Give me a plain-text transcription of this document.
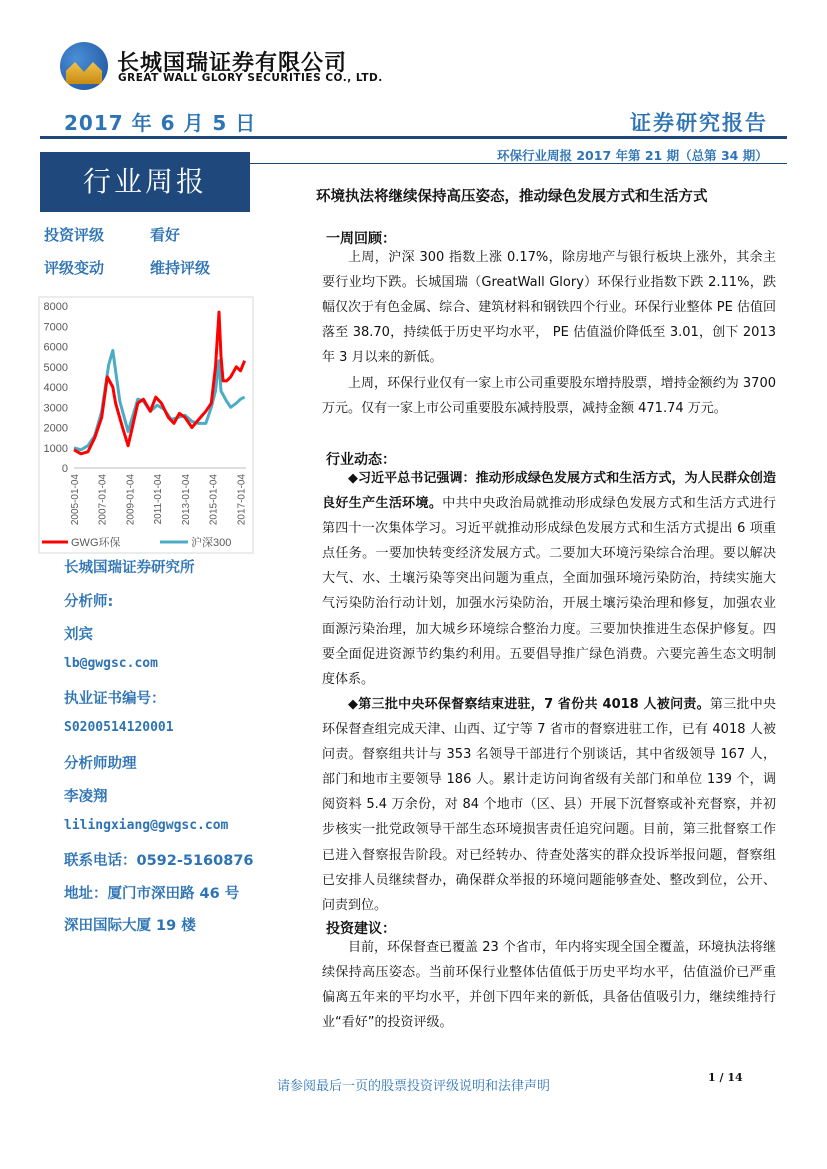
长城国瑞证券有限公司
GREAT WALL GLORY SECURITIES CO., LTD.
2017 年 6 月 5 日	证券研究报告
环保行业周报 2017 年第 21 期（总第 34 期）
行业周报	环境执法将继续保持高压姿态，推动绿色发展方式和生活方式
投资评级	看好
评级变动	维持评级
0
1000
2000
3000
4000
5000
6000
7000
8000
2005-01-04 2007-01-04 2009-01-04 2011-01-04 2013-01-04 2015-01-04 2017-01-04
GWG环保	沪深300
长城国瑞证券研究所
分析师:
刘宾
lb@gwgsc.com
执业证书编号：
S0200514120001
分析师助理
李凌翔
lilingxiang@gwgsc.com
联系电话：0592-5160876
地址：厦门市深田路 46 号
深田国际大厦 19 楼
一周回顾：
上周，沪深 300 指数上涨 0.17%，除房地产与银行板块上涨外，其余主要行业均下跌。长城国瑞（GreatWall Glory）环保行业指数下跌 2.11%，跌幅仅次于有色金属、综合、建筑材料和钢铁四个行业。环保行业整体 PE 估值回落至 38.70，持续低于历史平均水平， PE 估值溢价降低至 3.01，创下 2013 年 3 月以来的新低。
上周，环保行业仅有一家上市公司重要股东增持股票，增持金额约为 3700 万元。仅有一家上市公司重要股东减持股票，减持金额 471.74 万元。
行业动态：
◆习近平总书记强调：推动形成绿色发展方式和生活方式，为人民群众创造良好生产生活环境。中共中央政治局就推动形成绿色发展方式和生活方式进行第四十一次集体学习。习近平就推动形成绿色发展方式和生活方式提出 6 项重点任务。一要加快转变经济发展方式。二要加大环境污染综合治理。要以解决大气、水、土壤污染等突出问题为重点，全面加强环境污染防治，持续实施大气污染防治行动计划，加强水污染防治，开展土壤污染治理和修复，加强农业面源污染治理，加大城乡环境综合整治力度。三要加快推进生态保护修复。四要全面促进资源节约集约利用。五要倡导推广绿色消费。六要完善生态文明制度体系。
◆第三批中央环保督察结束进驻，7 省份共 4018 人被问责。第三批中央环保督查组完成天津、山西、辽宁等 7 省市的督察进驻工作，已有 4018 人被问责。督察组共计与 353 名领导干部进行个别谈话，其中省级领导 167 人，部门和地市主要领导 186 人。累计走访问询省级有关部门和单位 139 个，调阅资料 5.4 万余份，对 84 个地市（区、县）开展下沉督察或补充督察，并初步核实一批党政领导干部生态环境损害责任追究问题。目前，第三批督察工作已进入督察报告阶段。对已经转办、待查处落实的群众投诉举报问题，督察组已安排人员继续督办，确保群众举报的环境问题能够查处、整改到位，公开、问责到位。
投资建议：
目前，环保督查已覆盖 23 个省市，年内将实现全国全覆盖，环境执法将继续保持高压姿态。当前环保行业整体估值低于历史平均水平，估值溢价已严重偏离五年来的平均水平，并创下四年来的新低，具备估值吸引力，继续维持行业“看好”的投资评级。
请参阅最后一页的股票投资评级说明和法律声明
1 / 14
